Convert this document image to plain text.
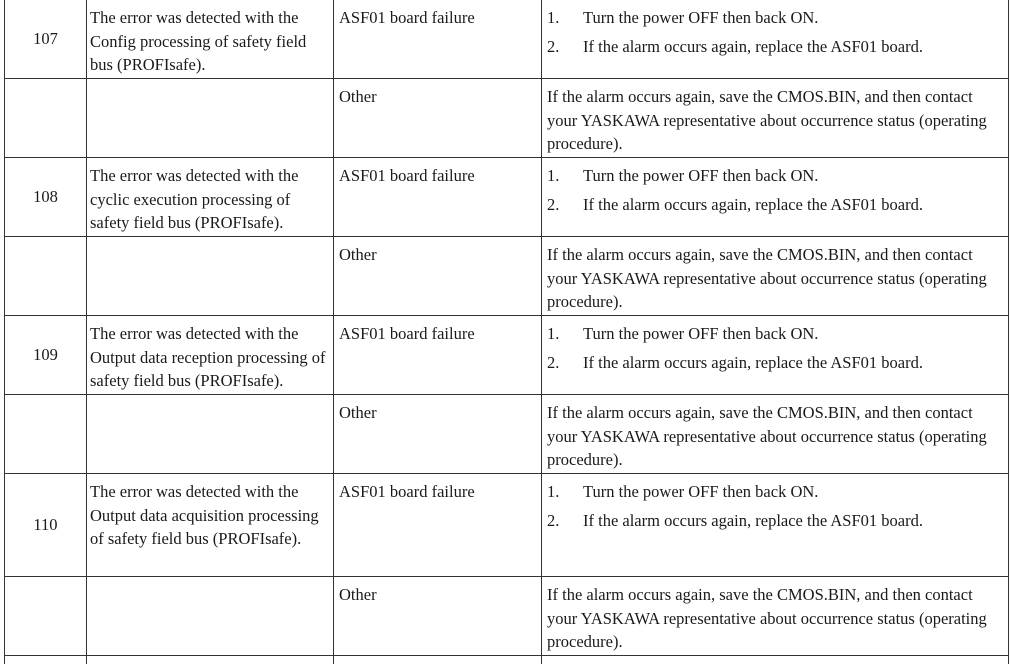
107	The error was detected with the Config processing of safety field bus (PROFIsafe).	ASF01 board failure	1. Turn the power OFF then back ON.
2. If the alarm occurs again, replace the ASF01 board.

		Other	If the alarm occurs again, save the CMOS.BIN, and then contact your YASKAWA representative about occurrence status (operating procedure).

108	The error was detected with the cyclic execution processing of safety field bus (PROFIsafe).	ASF01 board failure	1. Turn the power OFF then back ON.
2. If the alarm occurs again, replace the ASF01 board.

		Other	If the alarm occurs again, save the CMOS.BIN, and then contact your YASKAWA representative about occurrence status (operating procedure).

109	The error was detected with the Output data reception processing of safety field bus (PROFIsafe).	ASF01 board failure	1. Turn the power OFF then back ON.
2. If the alarm occurs again, replace the ASF01 board.

		Other	If the alarm occurs again, save the CMOS.BIN, and then contact your YASKAWA representative about occurrence status (operating procedure).

110	The error was detected with the Output data acquisition processing of safety field bus (PROFIsafe).	ASF01 board failure	1. Turn the power OFF then back ON.
2. If the alarm occurs again, replace the ASF01 board.

		Other	If the alarm occurs again, save the CMOS.BIN, and then contact your YASKAWA representative about occurrence status (operating procedure).
